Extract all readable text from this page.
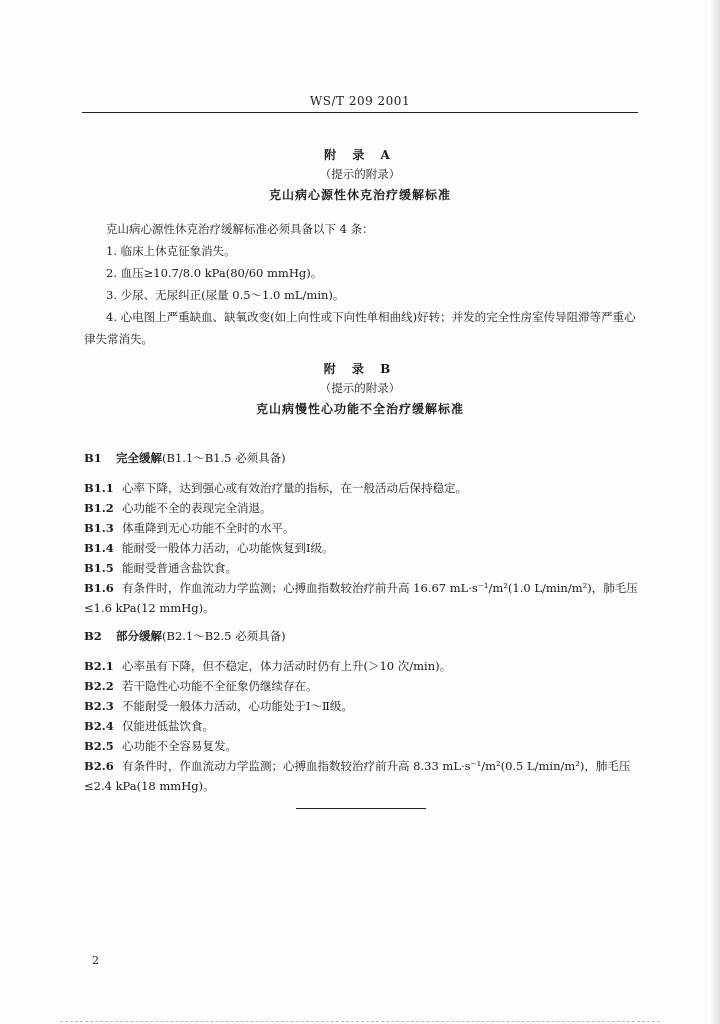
WS/T 209 2001
附 录 A
（提示的附录）
克山病心源性休克治疗缓解标准
克山病心源性休克治疗缓解标准必须具备以下 4 条：
1. 临床上休克征象消失。
2. 血压≥10.7/8.0 kPa(80/60 mmHg)。
3. 少尿、无尿纠正(尿量 0.5～1.0 mL/min)。
4. 心电图上严重缺血、缺氧改变(如上向性或下向性单相曲线)好转；并发的完全性房室传导阻滞等严重心律失常消失。
附 录 B
（提示的附录）
克山病慢性心功能不全治疗缓解标准
B1 完全缓解(B1.1～B1.5 必须具备)
B1.1 心率下降，达到强心或有效治疗量的指标，在一般活动后保持稳定。
B1.2 心功能不全的表现完全消退。
B1.3 体重降到无心功能不全时的水平。
B1.4 能耐受一般体力活动，心功能恢复到Ⅰ级。
B1.5 能耐受普通含盐饮食。
B1.6 有条件时，作血流动力学监测；心搏血指数较治疗前升高 16.67 mL·s⁻¹/m²(1.0 L/min/m²)，肺毛压≤1.6 kPa(12 mmHg)。
B2 部分缓解(B2.1～B2.5 必须具备)
B2.1 心率虽有下降，但不稳定，体力活动时仍有上升(＞10 次/min)。
B2.2 若干隐性心功能不全征象仍继续存在。
B2.3 不能耐受一般体力活动，心功能处于Ⅰ～Ⅱ级。
B2.4 仅能进低盐饮食。
B2.5 心功能不全容易复发。
B2.6 有条件时，作血流动力学监测；心搏血指数较治疗前升高 8.33 mL·s⁻¹/m²(0.5 L/min/m²)，肺毛压≤2.4 kPa(18 mmHg)。
2
